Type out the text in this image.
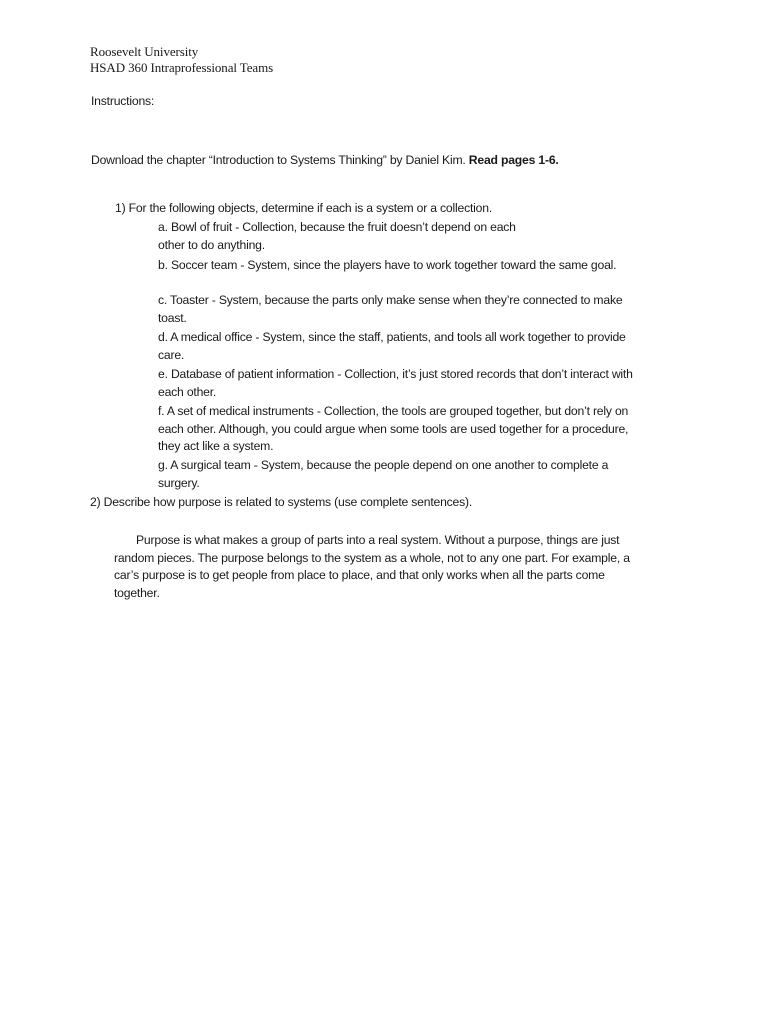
Roosevelt University

HSAD 360 Intraprofessional Teams

Instructions:

Download the chapter “Introduction to Systems Thinking” by Daniel Kim. Read pages 1-6.

1) For the following objects, determine if each is a system or a collection.

a. Bowl of fruit - Collection, because the fruit doesn’t depend on each other to do anything.

b. Soccer team - System, since the players have to work together toward the same goal.

c. Toaster - System, because the parts only make sense when they’re connected to make toast.

d. A medical office - System, since the staff, patients, and tools all work together to provide care.

e. Database of patient information - Collection, it’s just stored records that don’t interact with each other.

f. A set of medical instruments - Collection, the tools are grouped together, but don’t rely on each other. Although, you could argue when some tools are used together for a procedure, they act like a system.

g. A surgical team - System, because the people depend on one another to complete a surgery.

2) Describe how purpose is related to systems (use complete sentences).

Purpose is what makes a group of parts into a real system. Without a purpose, things are just random pieces. The purpose belongs to the system as a whole, not to any one part. For example, a car’s purpose is to get people from place to place, and that only works when all the parts come together.
